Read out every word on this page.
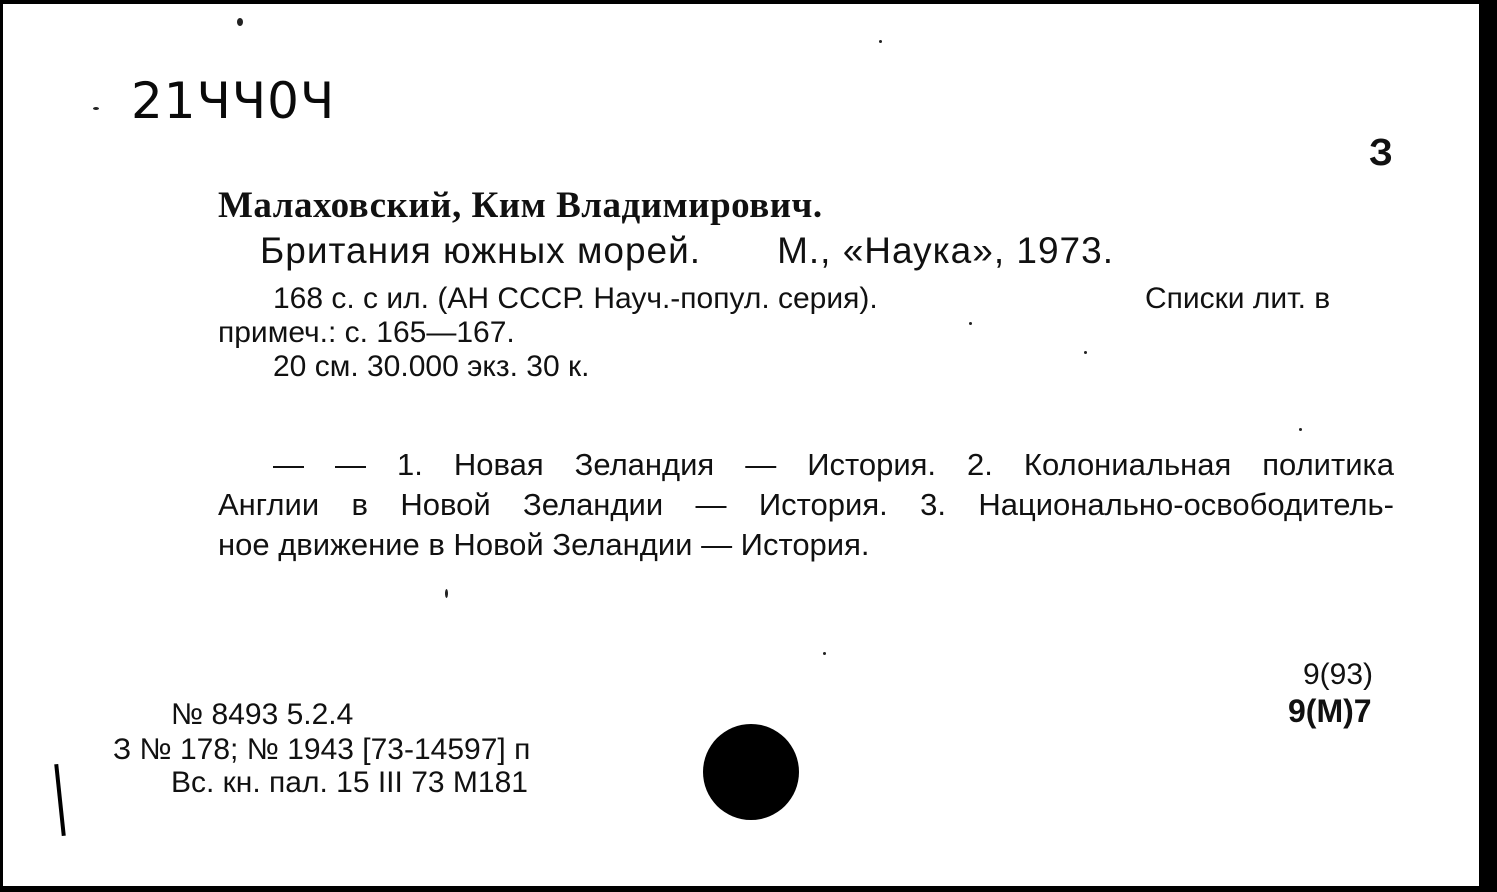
21ЧЧ0Ч
З
Малаховский, Ким Владимирович.
Британия южных морей. М., «Наука», 1973.
168 с. с ил. (АН СССР. Науч.-попул. серия).	Списки лит. в
примеч.: с. 165—167.
20 см. 30.000 экз. 30 к.
— — 1. Новая Зеландия — История. 2. Колониальная политика
Англии в Новой Зеландии — История. 3. Национально-освободитель-
ное движение в Новой Зеландии — История.
№ 8493 5.2.4
З № 178; № 1943 [73-14597] п
Вс. кн. пал. 15 III 73 М181
9(93)
9(М)7
